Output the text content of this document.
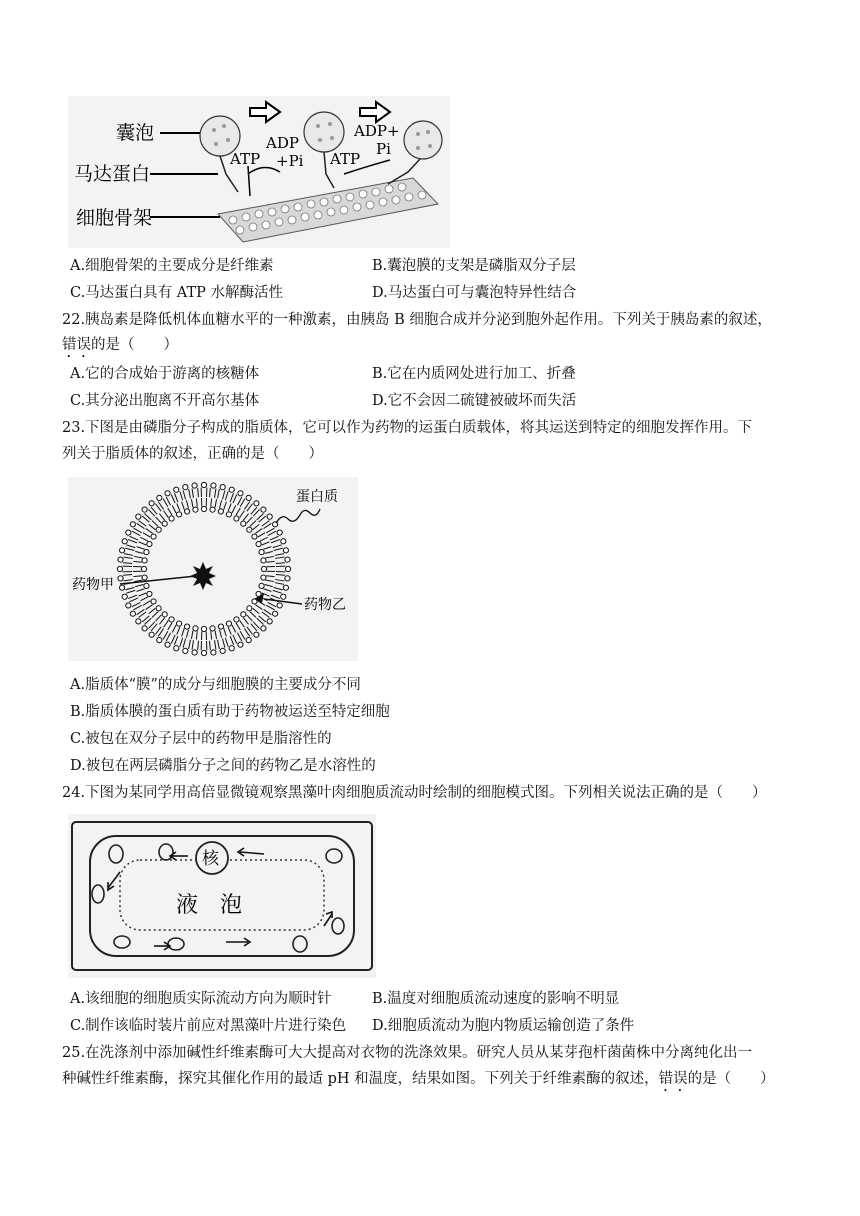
囊泡
马达蛋白
细胞骨架
ATP
ADP
+Pi ATP
ADP+
Pi
A.细胞骨架的主要成分是纤维素	B.囊泡膜的支架是磷脂双分子层
C.马达蛋白具有 ATP 水解酶活性	D.马达蛋白可与囊泡特异性结合
22.胰岛素是降低机体血糖水平的一种激素，由胰岛 B 细胞合成并分泌到胞外起作用。下列关于胰岛素的叙述，
错误的是（　　）
A.它的合成始于游离的核糖体	B.它在内质网处进行加工、折叠
C.其分泌出胞离不开高尔基体	D.它不会因二硫键被破坏而失活
23.下图是由磷脂分子构成的脂质体，它可以作为药物的运蛋白质载体，将其运送到特定的细胞发挥作用。下
列关于脂质体的叙述，正确的是（　　）
蛋白质
药物甲
药物乙
A.脂质体“膜”的成分与细胞膜的主要成分不同
B.脂质体膜的蛋白质有助于药物被运送至特定细胞
C.被包在双分子层中的药物甲是脂溶性的
D.被包在两层磷脂分子之间的药物乙是水溶性的
24.下图为某同学用高倍显微镜观察黑藻叶肉细胞质流动时绘制的细胞模式图。下列相关说法正确的是（　　）
核
液　泡
A.该细胞的细胞质实际流动方向为顺时针	B.温度对细胞质流动速度的影响不明显
C.制作该临时装片前应对黑藻叶片进行染色 D.细胞质流动为胞内物质运输创造了条件
25.在洗涤剂中添加碱性纤维素酶可大大提高对衣物的洗涤效果。研究人员从某芽孢杆菌菌株中分离纯化出一
种碱性纤维素酶，探究其催化作用的最适 pH 和温度，结果如图。下列关于纤维素酶的叙述，错误的是（　　）
